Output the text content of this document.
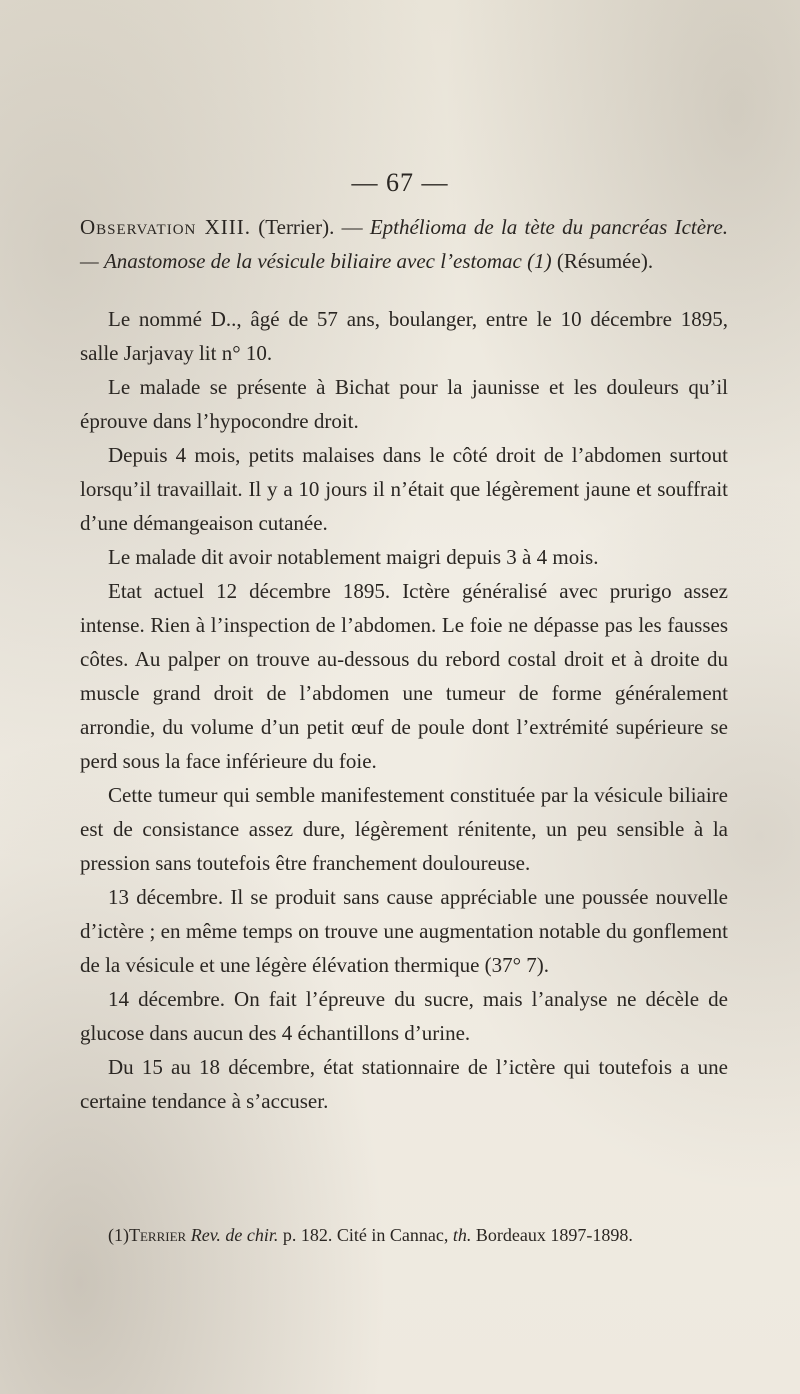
— 67 —
Observation XIII. (Terrier). — Epthélioma de la tète du pancréas Ictère. — Anastomose de la vésicule biliaire avec l’estomac (1) (Résumée).

Le nommé D.., âgé de 57 ans, boulanger, entre le 10 décembre 1895, salle Jarjavay lit n° 10.

Le malade se présente à Bichat pour la jaunisse et les douleurs qu’il éprouve dans l’hypocondre droit.

Depuis 4 mois, petits malaises dans le côté droit de l’abdomen surtout lorsqu’il travaillait. Il y a 10 jours il n’était que légèrement jaune et souffrait d’une démangeaison cutanée.

Le malade dit avoir notablement maigri depuis 3 à 4 mois.

Etat actuel 12 décembre 1895. Ictère généralisé avec prurigo assez intense. Rien à l’inspection de l’abdomen. Le foie ne dépasse pas les fausses côtes. Au palper on trouve au-dessous du rebord costal droit et à droite du muscle grand droit de l’abdomen une tumeur de forme généralement arrondie, du volume d’un petit œuf de poule dont l’extrémité supérieure se perd sous la face inférieure du foie.

Cette tumeur qui semble manifestement constituée par la vésicule biliaire est de consistance assez dure, légèrement rénitente, un peu sensible à la pression sans toutefois être franchement douloureuse.

13 décembre. Il se produit sans cause appréciable une poussée nouvelle d’ictère ; en même temps on trouve une augmentation notable du gonflement de la vésicule et une légère élévation thermique (37° 7).

14 décembre. On fait l’épreuve du sucre, mais l’analyse ne décèle de glucose dans aucun des 4 échantillons d’urine.

Du 15 au 18 décembre, état stationnaire de l’ictère qui toutefois a une certaine tendance à s’accuser.

(1)Terrier Rev. de chir. p. 182. Cité in Cannac, th. Bordeaux 1897-1898.
